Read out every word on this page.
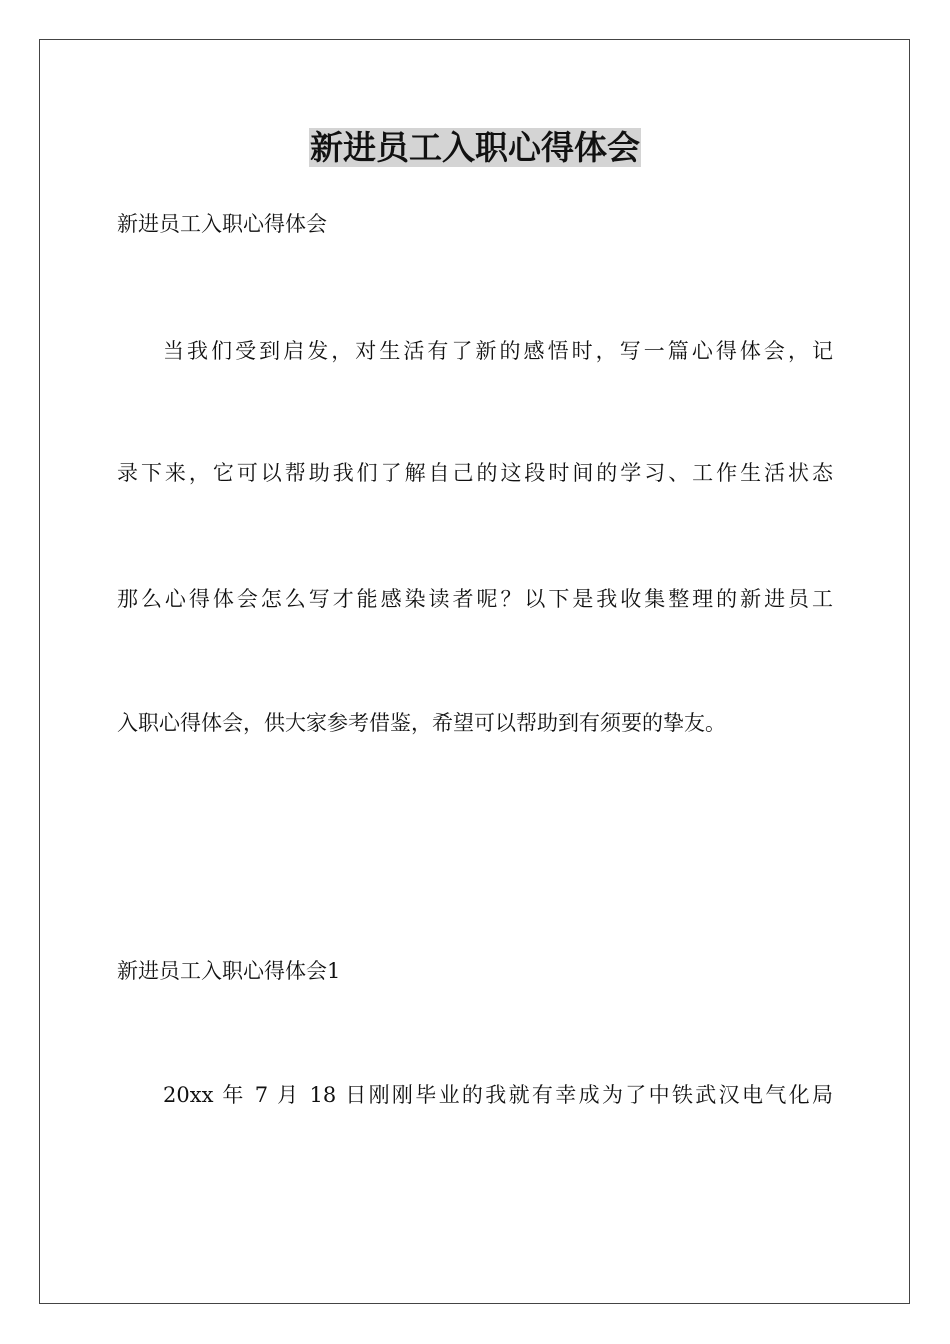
新进员工入职心得体会

新进员工入职心得体会

当我们受到启发，对生活有了新的感悟时，写一篇心得体会，记

录下来，它可以帮助我们了解自己的这段时间的学习、工作生活状态

那么心得体会怎么写才能感染读者呢？以下是我收集整理的新进员工

入职心得体会，供大家参考借鉴，希望可以帮助到有须要的挚友。

新进员工入职心得体会1

20xx 年 7 月 18 日刚刚毕业的我就有幸成为了中铁武汉电气化局
